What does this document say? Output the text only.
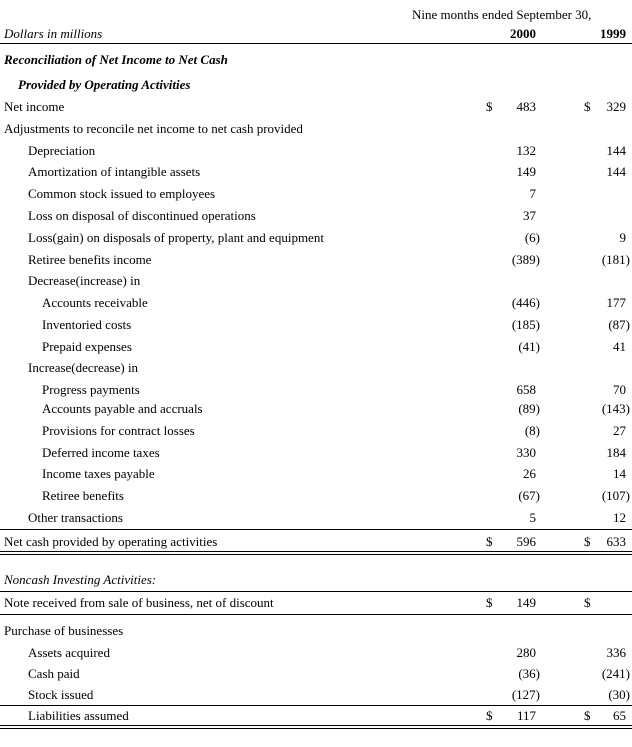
Nine months ended September 30,
Dollars in millions	2000	1999
Reconciliation of Net Income to Net Cash
Provided by Operating Activities
Net income	$	483	$	329
Adjustments to reconcile net income to net cash provided
Depreciation	132	144
Amortization of intangible assets	149	144
Common stock issued to employees	7
Loss on disposal of discontinued operations	37
Loss(gain) on disposals of property, plant and equipment	(6)	9
Retiree benefits income	(389)	(181)
Decrease(increase) in
Accounts receivable	(446)	177
Inventoried costs	(185)	(87)
Prepaid expenses	(41)	41
Increase(decrease) in
Progress payments	658	70
Accounts payable and accruals	(89)	(143)
Provisions for contract losses	(8)	27
Deferred income taxes	330	184
Income taxes payable	26	14
Retiree benefits	(67)	(107)
Other transactions	5	12
Net cash provided by operating activities	$	596	$	633
Noncash Investing Activities:
Note received from sale of business, net of discount	$	149	$
Purchase of businesses
Assets acquired	280	336
Cash paid	(36)	(241)
Stock issued	(127)	(30)
Liabilities assumed	$	117	$	65
